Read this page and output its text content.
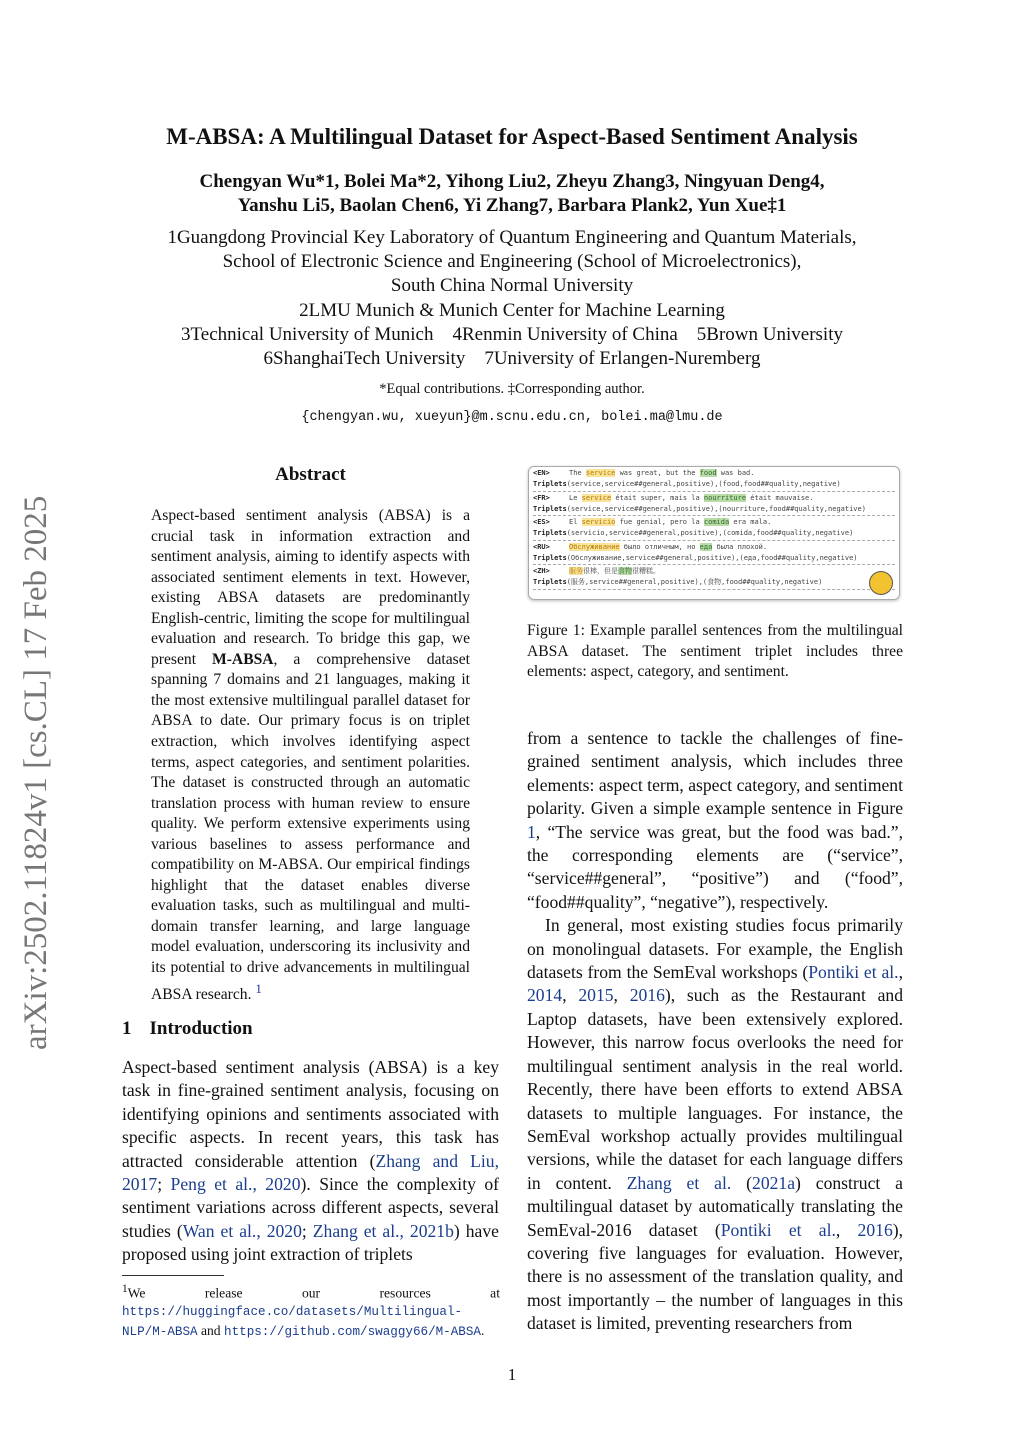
arXiv:2502.11824v1 [cs.CL] 17 Feb 2025
M-ABSA: A Multilingual Dataset for Aspect-Based Sentiment Analysis
Chengyan Wu*1, Bolei Ma*2, Yihong Liu2, Zheyu Zhang3, Ningyuan Deng4,
Yanshu Li5, Baolan Chen6, Yi Zhang7, Barbara Plank2, Yun Xue‡1
1Guangdong Provincial Key Laboratory of Quantum Engineering and Quantum Materials,
School of Electronic Science and Engineering (School of Microelectronics),
South China Normal University
2LMU Munich & Munich Center for Machine Learning
3Technical University of Munich    4Renmin University of China    5Brown University
6ShanghaiTech University    7University of Erlangen-Nuremberg
*Equal contributions. ‡Corresponding author.
{chengyan.wu, xueyun}@m.scnu.edu.cn, bolei.ma@lmu.de
Abstract
Aspect-based sentiment analysis (ABSA) is a crucial task in information extraction and sentiment analysis, aiming to identify aspects with associated sentiment elements in text. However, existing ABSA datasets are predominantly English-centric, limiting the scope for multilingual evaluation and research. To bridge this gap, we present M-ABSA, a comprehensive dataset spanning 7 domains and 21 languages, making it the most extensive multilingual parallel dataset for ABSA to date. Our primary focus is on triplet extraction, which involves identifying aspect terms, aspect categories, and sentiment polarities. The dataset is constructed through an automatic translation process with human review to ensure quality. We perform extensive experiments using various baselines to assess performance and compatibility on M-ABSA. Our empirical findings highlight that the dataset enables diverse evaluation tasks, such as multilingual and multi-domain transfer learning, and large language model evaluation, underscoring its inclusivity and its potential to drive advancements in multilingual ABSA research. $^1$
1 Introduction

Aspect-based sentiment analysis (ABSA) is a key task in fine-grained sentiment analysis, focusing on identifying opinions and sentiments associated with specific aspects. In recent years, this task has attracted considerable attention (Zhang and Liu, 2017; Peng et al., 2020). Since the complexity of sentiment variations across different aspects, several studies (Wan et al., 2020; Zhang et al., 2021b) have proposed using joint extraction of triplets

$^1$We release our resources at https://huggingface.co/datasets/Multilingual-NLP/M-ABSA and https://github.com/swaggy66/M-ABSA.
<EN>	The service was great, but the food was bad.
Triplets(service,service##general,positive),(food,food##quality,negative)
<FR>	Le service était super, mais la nourriture était mauvaise.
Triplets(service,service##general,positive),(nourriture,food##quality,negative)
<ES>	El servicio fue genial, pero la comida era mala.
Triplets(servicio,service##general,positive),(comida,food##quality,negative)
<RU>	Обслуживание было отличным, но еда была плохой.
Triplets(Обслуживание,service##general,positive),(еда,food##quality,negative)
<ZH>	服务很棒，但是食物很糟糕。
Triplets(服务,service##general,positive),(食物,food##quality,negative)
Figure 1: Example parallel sentences from the multilingual ABSA dataset. The sentiment triplet includes three elements: aspect, category, and sentiment.

from a sentence to tackle the challenges of fine-grained sentiment analysis, which includes three elements: aspect term, aspect category, and sentiment polarity. Given a simple example sentence in Figure 1, “The service was great, but the food was bad.”, the corresponding elements are (“service”, “service##general”, “positive”) and (“food”, “food##quality”, “negative”), respectively.

In general, most existing studies focus primarily on monolingual datasets. For example, the English datasets from the SemEval workshops (Pontiki et al., 2014, 2015, 2016), such as the Restaurant and Laptop datasets, have been extensively explored. However, this narrow focus overlooks the need for multilingual sentiment analysis in the real world. Recently, there have been efforts to extend ABSA datasets to multiple languages. For instance, the SemEval workshop actually provides multilingual versions, while the dataset for each language differs in content. Zhang et al. (2021a) construct a multilingual dataset by automatically translating the SemEval-2016 dataset (Pontiki et al., 2016), covering five languages for evaluation. However, there is no assessment of the translation quality, and most importantly – the number of languages in this dataset is limited, preventing researchers from

1
